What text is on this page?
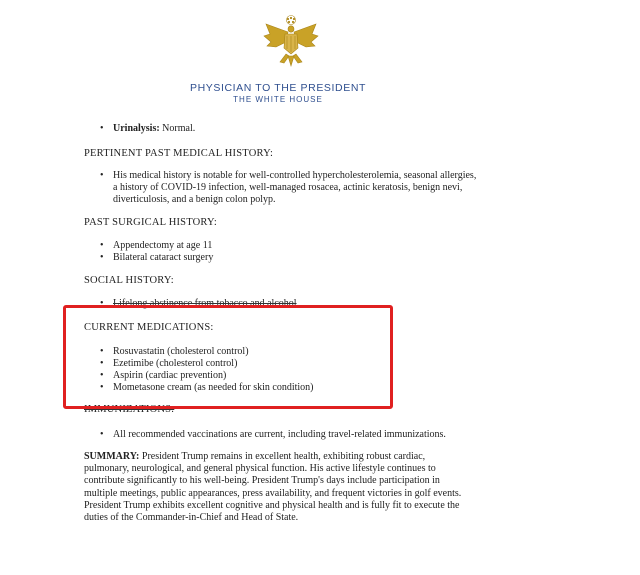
PHYSICIAN TO THE PRESIDENT
THE WHITE HOUSE
• Urinalysis: Normal.
PERTINENT PAST MEDICAL HISTORY:
• His medical history is notable for well-controlled hypercholesterolemia, seasonal allergies, a history of COVID-19 infection, well-managed rosacea, actinic keratosis, benign nevi, diverticulosis, and a benign colon polyp.
PAST SURGICAL HISTORY:
• Appendectomy at age 11
• Bilateral cataract surgery
SOCIAL HISTORY:
• Lifelong abstinence from tobacco and alcohol
CURRENT MEDICATIONS:
• Rosuvastatin (cholesterol control)
• Ezetimibe (cholesterol control)
• Aspirin (cardiac prevention)
• Mometasone cream (as needed for skin condition)
IMMUNIZATIONS:
• All recommended vaccinations are current, including travel-related immunizations.
SUMMARY: President Trump remains in excellent health, exhibiting robust cardiac, pulmonary, neurological, and general physical function. His active lifestyle continues to contribute significantly to his well-being. President Trump's days include participation in multiple meetings, public appearances, press availability, and frequent victories in golf events. President Trump exhibits excellent cognitive and physical health and is fully fit to execute the duties of the Commander-in-Chief and Head of State.
